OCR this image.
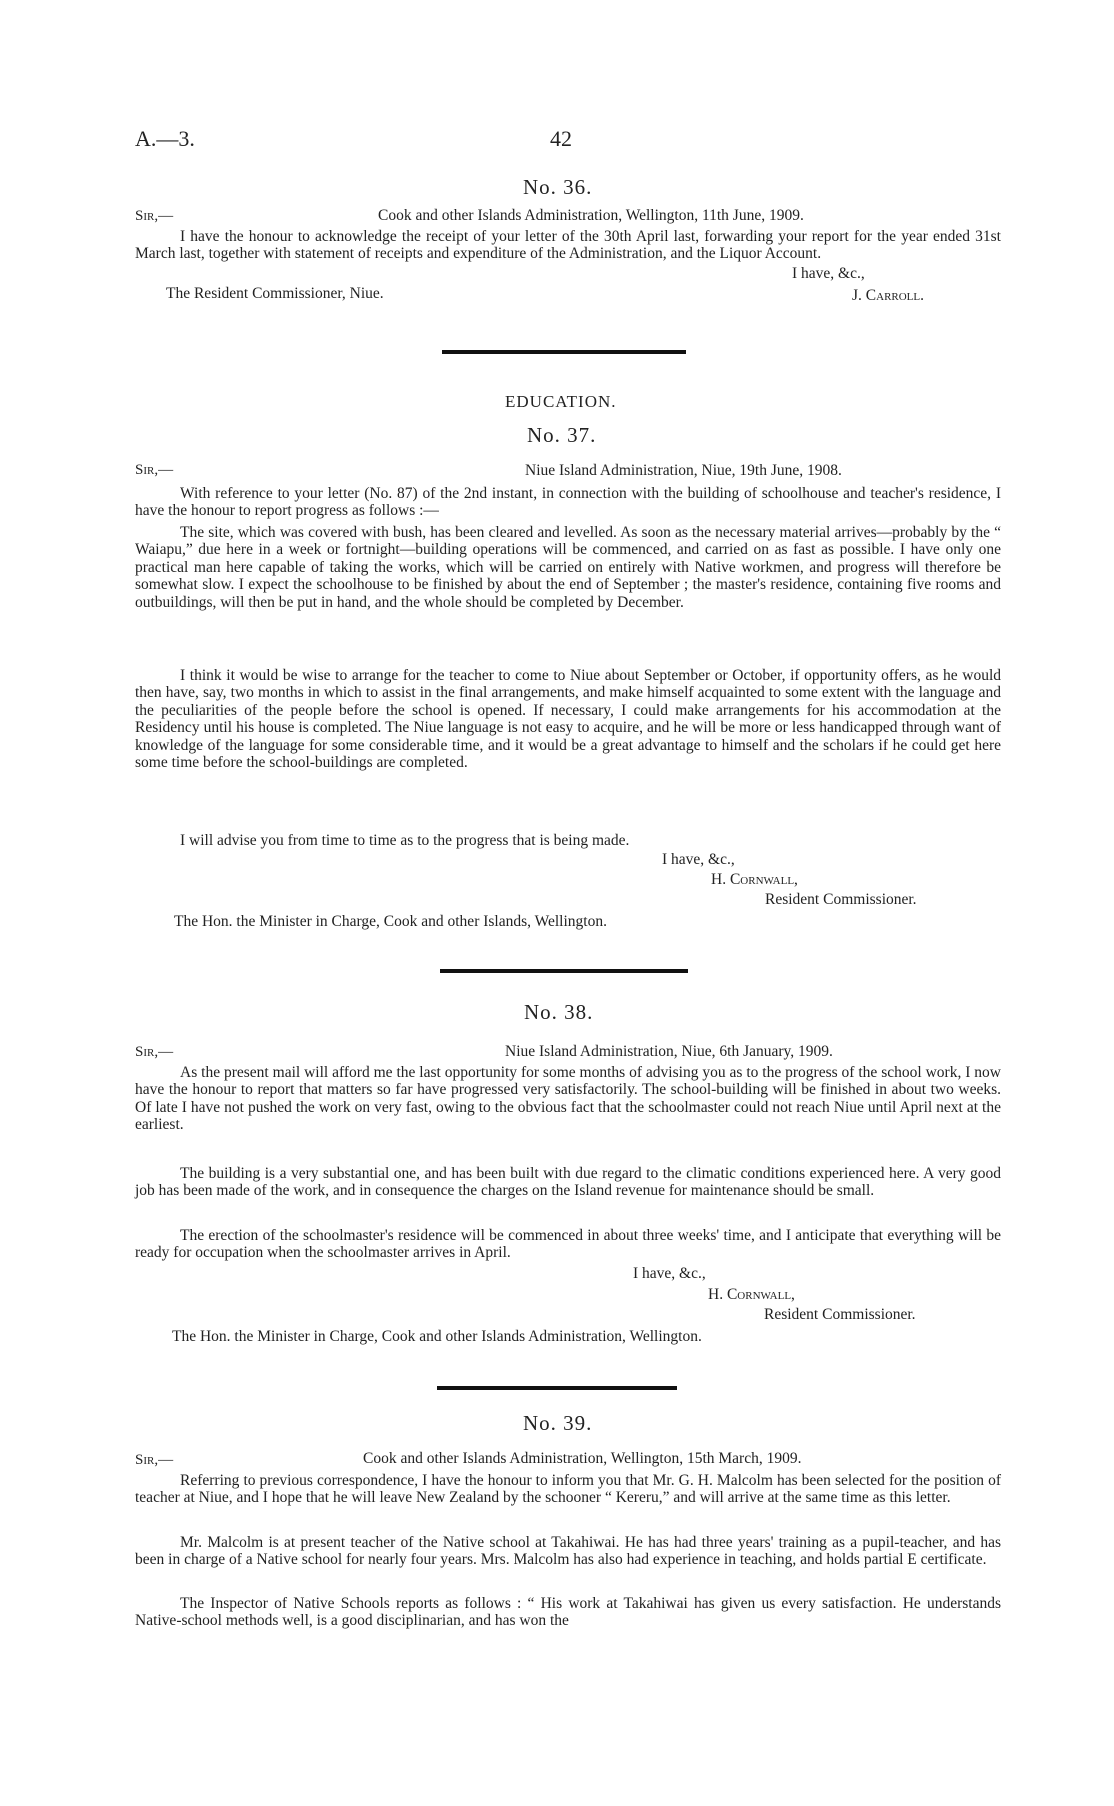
A.—3.	42
No. 36.
Sir,—	Cook and other Islands Administration, Wellington, 11th June, 1909.
I have the honour to acknowledge the receipt of your letter of the 30th April last, forwarding your report for the year ended 31st March last, together with statement of receipts and expenditure of the Administration, and the Liquor Account.
I have, &c.,
The Resident Commissioner, Niue.	J. Carroll.
EDUCATION.
No. 37.
Sir,—	Niue Island Administration, Niue, 19th June, 1908.
With reference to your letter (No. 87) of the 2nd instant, in connection with the building of schoolhouse and teacher's residence, I have the honour to report progress as follows :—
The site, which was covered with bush, has been cleared and levelled. As soon as the necessary material arrives—probably by the “ Waiapu,” due here in a week or fortnight—building operations will be commenced, and carried on as fast as possible. I have only one practical man here capable of taking the works, which will be carried on entirely with Native workmen, and progress will therefore be somewhat slow. I expect the schoolhouse to be finished by about the end of September ; the master's residence, containing five rooms and outbuildings, will then be put in hand, and the whole should be completed by December.
I think it would be wise to arrange for the teacher to come to Niue about September or October, if opportunity offers, as he would then have, say, two months in which to assist in the final arrangements, and make himself acquainted to some extent with the language and the peculiarities of the people before the school is opened. If necessary, I could make arrangements for his accommodation at the Residency until his house is completed. The Niue language is not easy to acquire, and he will be more or less handicapped through want of knowledge of the language for some considerable time, and it would be a great advantage to himself and the scholars if he could get here some time before the school-buildings are completed.
I will advise you from time to time as to the progress that is being made.
I have, &c.,
H. Cornwall,
Resident Commissioner.
The Hon. the Minister in Charge, Cook and other Islands, Wellington.
No. 38.
Sir,—	Niue Island Administration, Niue, 6th January, 1909.
As the present mail will afford me the last opportunity for some months of advising you as to the progress of the school work, I now have the honour to report that matters so far have progressed very satisfactorily. The school-building will be finished in about two weeks. Of late I have not pushed the work on very fast, owing to the obvious fact that the schoolmaster could not reach Niue until April next at the earliest.
The building is a very substantial one, and has been built with due regard to the climatic conditions experienced here. A very good job has been made of the work, and in consequence the charges on the Island revenue for maintenance should be small.
The erection of the schoolmaster's residence will be commenced in about three weeks' time, and I anticipate that everything will be ready for occupation when the schoolmaster arrives in April.
I have, &c.,
H. Cornwall,
Resident Commissioner.
The Hon. the Minister in Charge, Cook and other Islands Administration, Wellington.
No. 39.
Sir,—	Cook and other Islands Administration, Wellington, 15th March, 1909.
Referring to previous correspondence, I have the honour to inform you that Mr. G. H. Malcolm has been selected for the position of teacher at Niue, and I hope that he will leave New Zealand by the schooner “ Kereru,” and will arrive at the same time as this letter.
Mr. Malcolm is at present teacher of the Native school at Takahiwai. He has had three years' training as a pupil-teacher, and has been in charge of a Native school for nearly four years. Mrs. Malcolm has also had experience in teaching, and holds partial E certificate.
The Inspector of Native Schools reports as follows : “ His work at Takahiwai has given us every satisfaction. He understands Native-school methods well, is a good disciplinarian, and has won the
